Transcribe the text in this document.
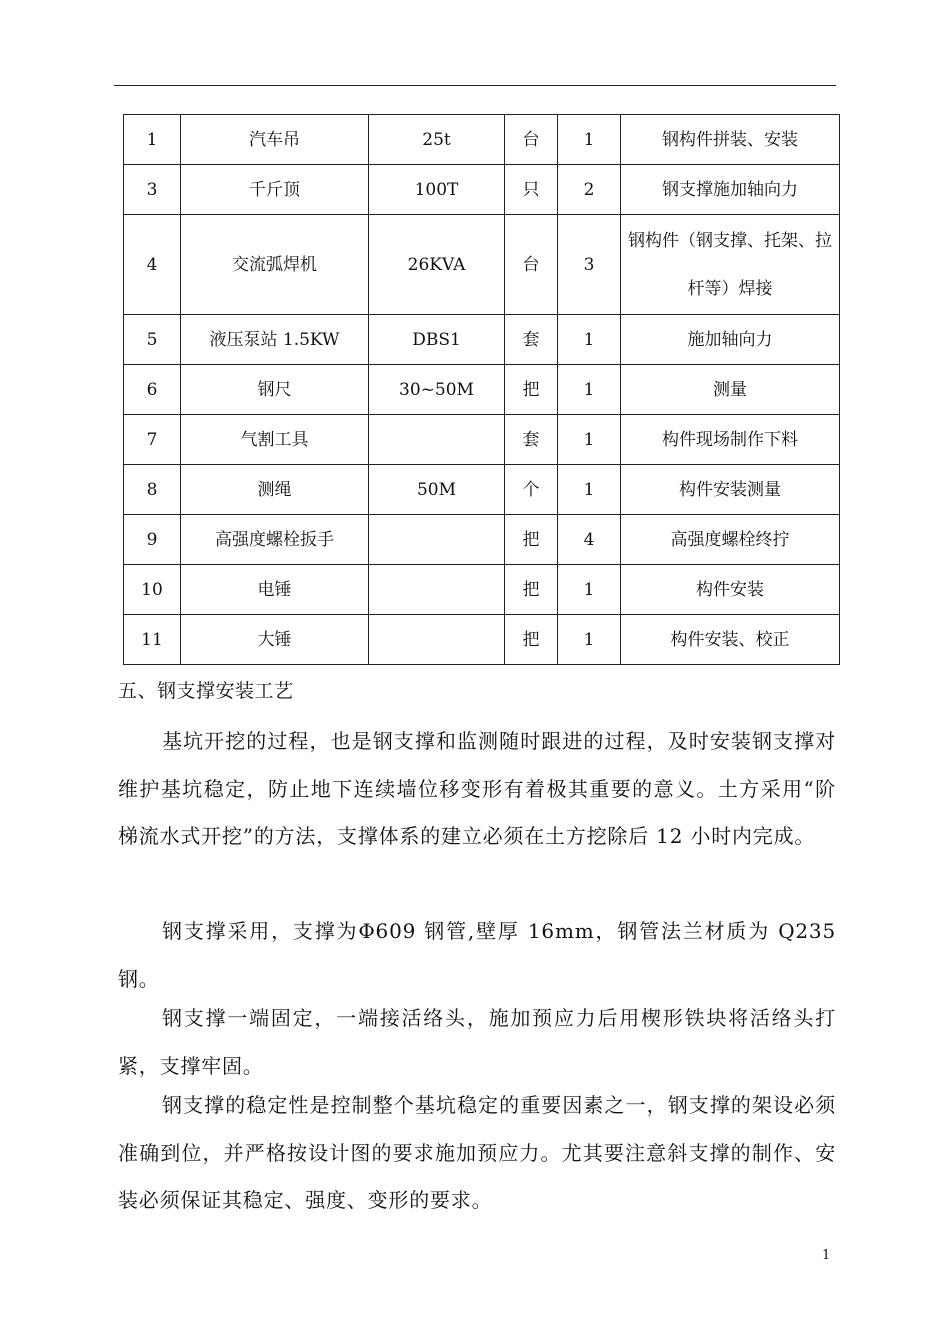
1	汽车吊	25t	台	1	钢构件拼装、安装
3	千斤顶	100T	只	2	钢支撑施加轴向力
4	交流弧焊机	26KVA	台	3	钢构件（钢支撑、托架、拉杆等）焊接
5	液压泵站 1.5KW	DBS1	套	1	施加轴向力
6	钢尺	30~50M	把	1	测量
7	气割工具		套	1	构件现场制作下料
8	测绳	50M	个	1	构件安装测量
9	高强度螺栓扳手		把	4	高强度螺栓终拧
10	电锤		把	1	构件安装
11	大锤		把	1	构件安装、校正
五、钢支撑安装工艺

基坑开挖的过程，也是钢支撑和监测随时跟进的过程，及时安装钢支撑对维护基坑稳定，防止地下连续墙位移变形有着极其重要的意义。土方采用“阶梯流水式开挖”的方法，支撑体系的建立必须在土方挖除后 12 小时内完成。

钢支撑采用，支撑为Φ609 钢管,壁厚 16mm，钢管法兰材质为 Q235 钢。

钢支撑一端固定，一端接活络头，施加预应力后用楔形铁块将活络头打紧，支撑牢固。

钢支撑的稳定性是控制整个基坑稳定的重要因素之一，钢支撑的架设必须准确到位，并严格按设计图的要求施加预应力。尤其要注意斜支撑的制作、安装必须保证其稳定、强度、变形的要求。

1
